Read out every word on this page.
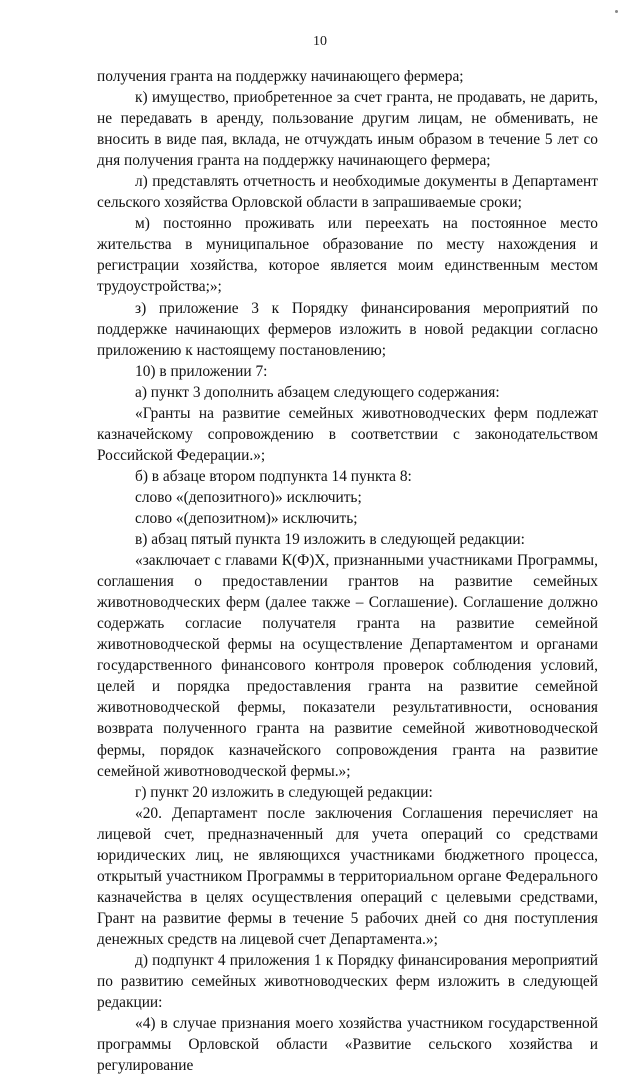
10

получения гранта на поддержку начинающего фермера;

к) имущество, приобретенное за счет гранта, не продавать, не дарить, не передавать в аренду, пользование другим лицам, не обменивать, не вносить в виде пая, вклада, не отчуждать иным образом в течение 5 лет со дня получения гранта на поддержку начинающего фермера;

л) представлять отчетность и необходимые документы в Департамент сельского хозяйства Орловской области в запрашиваемые сроки;

м) постоянно проживать или переехать на постоянное место жительства в муниципальное образование по месту нахождения и регистрации хозяйства, которое является моим единственным местом трудоустройства;»;

з) приложение 3 к Порядку финансирования мероприятий по поддержке начинающих фермеров изложить в новой редакции согласно приложению к настоящему постановлению;

10) в приложении 7:

а) пункт 3 дополнить абзацем следующего содержания:

«Гранты на развитие семейных животноводческих ферм подлежат казначейскому сопровождению в соответствии с законодательством Российской Федерации.»;

б) в абзаце втором подпункта 14 пункта 8:

слово «(депозитного)» исключить;

слово «(депозитном)» исключить;

в) абзац пятый пункта 19 изложить в следующей редакции:

«заключает с главами К(Ф)Х, признанными участниками Программы, соглашения о предоставлении грантов на развитие семейных животноводческих ферм (далее также – Соглашение). Соглашение должно содержать согласие получателя гранта на развитие семейной животноводческой фермы на осуществление Департаментом и органами государственного финансового контроля проверок соблюдения условий, целей и порядка предоставления гранта на развитие семейной животноводческой фермы, показатели результативности, основания возврата полученного гранта на развитие семейной животноводческой фермы, порядок казначейского сопровождения гранта на развитие семейной животноводческой фермы.»;

г) пункт 20 изложить в следующей редакции:

«20. Департамент после заключения Соглашения перечисляет на лицевой счет, предназначенный для учета операций со средствами юридических лиц, не являющихся участниками бюджетного процесса, открытый участником Программы в территориальном органе Федерального казначейства в целях осуществления операций с целевыми средствами, Грант на развитие фермы в течение 5 рабочих дней со дня поступления денежных средств на лицевой счет Департамента.»;

д) подпункт 4 приложения 1 к Порядку финансирования мероприятий по развитию семейных животноводческих ферм изложить в следующей редакции:

«4) в случае признания моего хозяйства участником государственной программы Орловской области «Развитие сельского хозяйства и регулирование
